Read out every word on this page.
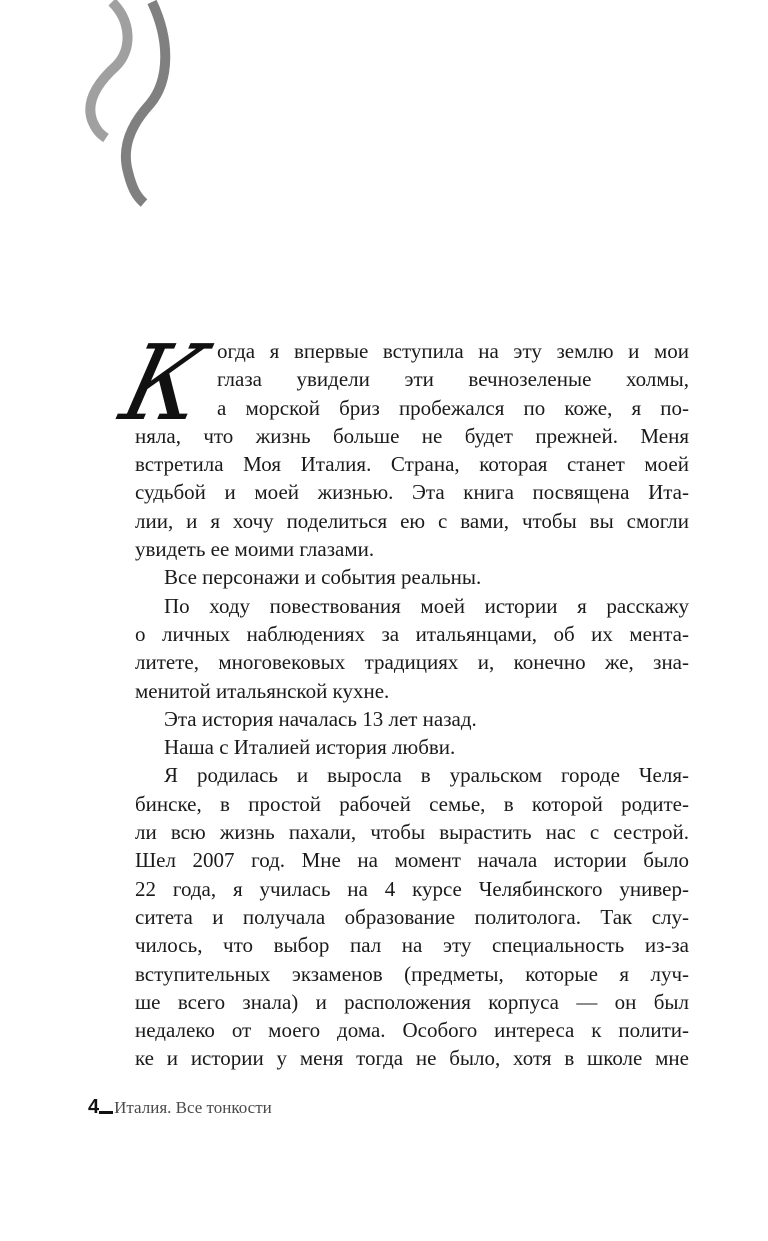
К огда я впервые вступила на эту землю и мои
глаза увидели эти вечнозеленые холмы,
а морской бриз пробежался по коже, я по-
няла, что жизнь больше не будет прежней. Меня
встретила Моя Италия. Страна, которая станет моей
судьбой и моей жизнью. Эта книга посвящена Ита-
лии, и я хочу поделиться ею с вами, чтобы вы смогли
увидеть ее моими глазами.
Все персонажи и события реальны.
По ходу повествования моей истории я расскажу
о личных наблюдениях за итальянцами, об их мента-
литете, многовековых традициях и, конечно же, зна-
менитой итальянской кухне.
Эта история началась 13 лет назад.
Наша с Италией история любви.
Я родилась и выросла в уральском городе Челя-
бинске, в простой рабочей семье, в которой родите-
ли всю жизнь пахали, чтобы вырастить нас с сестрой.
Шел 2007 год. Мне на момент начала истории было
22 года, я училась на 4 курсе Челябинского универ-
ситета и получала образование политолога. Так слу-
чилось, что выбор пал на эту специальность из-за
вступительных экзаменов (предметы, которые я луч-
ше всего знала) и расположения корпуса — он был
недалеко от моего дома. Особого интереса к полити-
ке и истории у меня тогда не было, хотя в школе мне
4 Италия. Все тонкости
